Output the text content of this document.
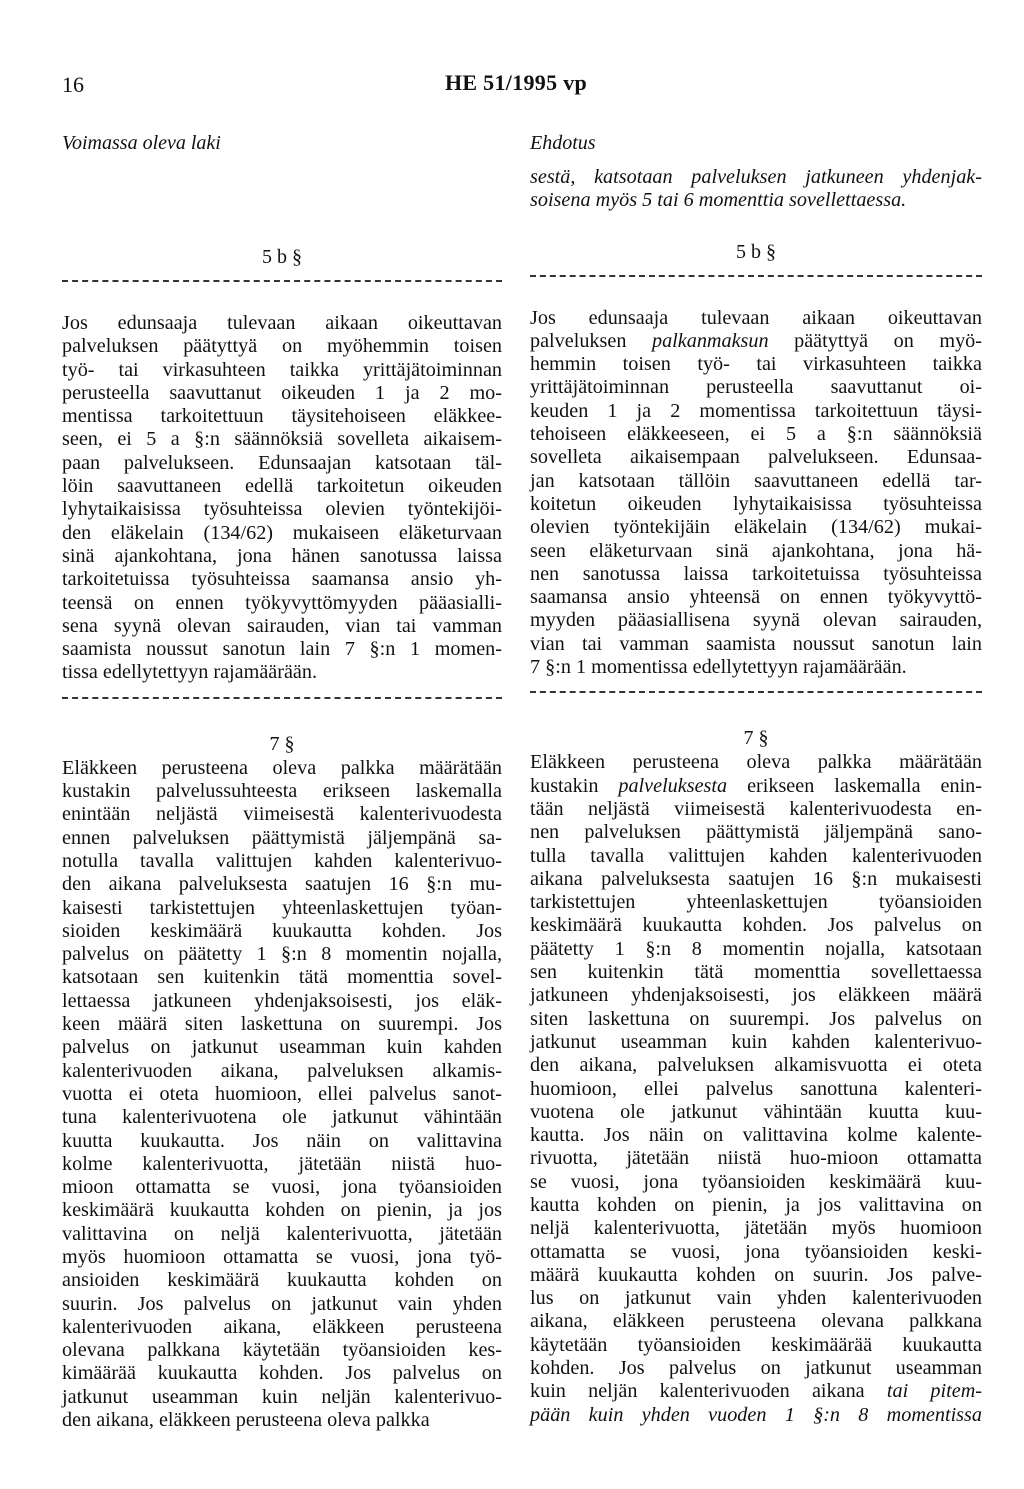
16	HE 51/1995 vp
Voimassa oleva laki	Ehdotus
5 b §
Jos edunsaaja tulevaan aikaan oikeuttavan
palveluksen päätyttyä on myöhemmin toisen
työ- tai virkasuhteen taikka yrittäjätoiminnan
perusteella saavuttanut oikeuden 1 ja 2 mo-
mentissa tarkoitettuun täysitehoiseen eläkkee-
seen, ei 5 a §:n säännöksiä sovelleta aikaisem-
paan palvelukseen. Edunsaajan katsotaan täl-
löin saavuttaneen edellä tarkoitetun oikeuden
lyhytaikaisissa työsuhteissa olevien työntekijöi-
den eläkelain (134/62) mukaiseen eläketurvaan
sinä ajankohtana, jona hänen sanotussa laissa
tarkoitetuissa työsuhteissa saamansa ansio yh-
teensä on ennen työkyvyttömyyden pääasialli-
sena syynä olevan sairauden, vian tai vamman
saamista noussut sanotun lain 7 §:n 1 momen-
tissa edellytettyyn rajamäärään.
7 §
Eläkkeen perusteena oleva palkka määrätään
kustakin palvelussuhteesta erikseen laskemalla
enintään neljästä viimeisestä kalenterivuodesta
ennen palveluksen päättymistä jäljempänä sa-
notulla tavalla valittujen kahden kalenterivuo-
den aikana palveluksesta saatujen 16 §:n mu-
kaisesti tarkistettujen yhteenlaskettujen työan-
sioiden keskimäärä kuukautta kohden. Jos
palvelus on päätetty 1 §:n 8 momentin nojalla,
katsotaan sen kuitenkin tätä momenttia sovel-
lettaessa jatkuneen yhdenjaksoisesti, jos eläk-
keen määrä siten laskettuna on suurempi. Jos
palvelus on jatkunut useamman kuin kahden
kalenterivuoden aikana, palveluksen alkamis-
vuotta ei oteta huomioon, ellei palvelus sanot-
tuna kalenterivuotena ole jatkunut vähintään
kuutta kuukautta. Jos näin on valittavina
kolme kalenterivuotta, jätetään niistä huo-
mioon ottamatta se vuosi, jona työansioiden
keskimäärä kuukautta kohden on pienin, ja jos
valittavina on neljä kalenterivuotta, jätetään
myös huomioon ottamatta se vuosi, jona työ-
ansioiden keskimäärä kuukautta kohden on
suurin. Jos palvelus on jatkunut vain yhden
kalenterivuoden aikana, eläkkeen perusteena
olevana palkkana käytetään työansioiden kes-
kimäärää kuukautta kohden. Jos palvelus on
jatkunut useamman kuin neljän kalenterivuo-
den aikana, eläkkeen perusteena oleva palkka
sestä, katsotaan palveluksen jatkuneen yhdenjak-
soisena myös 5 tai 6 momenttia sovellettaessa.
5 b §
Jos edunsaaja tulevaan aikaan oikeuttavan
palveluksen palkanmaksun päätyttyä on myö-
hemmin toisen työ- tai virkasuhteen taikka
yrittäjätoiminnan perusteella saavuttanut oi-
keuden 1 ja 2 momentissa tarkoitettuun täysi-
tehoiseen eläkkeeseen, ei 5 a §:n säännöksiä
sovelleta aikaisempaan palvelukseen. Edunsaa-
jan katsotaan tällöin saavuttaneen edellä tar-
koitetun oikeuden lyhytaikaisissa työsuhteissa
olevien työntekijäin eläkelain (134/62) mukai-
seen eläketurvaan sinä ajankohtana, jona hä-
nen sanotussa laissa tarkoitetuissa työsuhteissa
saamansa ansio yhteensä on ennen työkyvyttö-
myyden pääasiallisena syynä olevan sairauden,
vian tai vamman saamista noussut sanotun lain
7 §:n 1 momentissa edellytettyyn rajamäärään.
7 §
Eläkkeen perusteena oleva palkka määrätään
kustakin palveluksesta erikseen laskemalla enin-
tään neljästä viimeisestä kalenterivuodesta en-
nen palveluksen päättymistä jäljempänä sano-
tulla tavalla valittujen kahden kalenterivuoden
aikana palveluksesta saatujen 16 §:n mukaisesti
tarkistettujen yhteenlaskettujen työansioiden
keskimäärä kuukautta kohden. Jos palvelus on
päätetty 1 §:n 8 momentin nojalla, katsotaan
sen kuitenkin tätä momenttia sovellettaessa
jatkuneen yhdenjaksoisesti, jos eläkkeen määrä
siten laskettuna on suurempi. Jos palvelus on
jatkunut useamman kuin kahden kalenterivuo-
den aikana, palveluksen alkamisvuotta ei oteta
huomioon, ellei palvelus sanottuna kalenteri-
vuotena ole jatkunut vähintään kuutta kuu-
kautta. Jos näin on valittavina kolme kalente-
rivuotta, jätetään niistä huo-mioon ottamatta
se vuosi, jona työansioiden keskimäärä kuu-
kautta kohden on pienin, ja jos valittavina on
neljä kalenterivuotta, jätetään myös huomioon
ottamatta se vuosi, jona työansioiden keski-
määrä kuukautta kohden on suurin. Jos palve-
lus on jatkunut vain yhden kalenterivuoden
aikana, eläkkeen perusteena olevana palkkana
käytetään työansioiden keskimäärää kuukautta
kohden. Jos palvelus on jatkunut useamman
kuin neljän kalenterivuoden aikana tai pitem-
pään kuin yhden vuoden 1 §:n 8 momentissa
